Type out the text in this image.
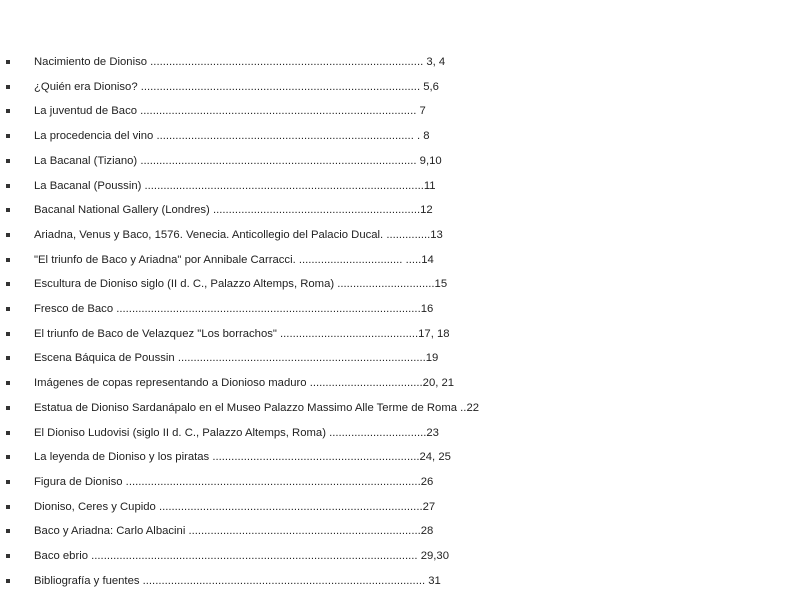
Nacimiento de Dioniso ....................................................................................... 3, 4
¿Quién era Dioniso? ......................................................................................... 5,6
La juventud de Baco ........................................................................................ 7
La procedencia del vino .................................................................................. . 8
La Bacanal (Tiziano) ........................................................................................ 9,10
La Bacanal (Poussin) .........................................................................................11
Bacanal National Gallery (Londres) ..................................................................12
Ariadna, Venus y Baco, 1576. Venecia. Anticollegio del Palacio Ducal. ..............13
"El triunfo de Baco y Ariadna" por Annibale Carracci. ................................. .....14
Escultura de Dioniso siglo (II d. C., Palazzo Altemps, Roma) ...............................15
Fresco de Baco .................................................................................................16
El triunfo de Baco de Velazquez "Los borrachos" ............................................17, 18
Escena Báquica de Poussin ...............................................................................19
Imágenes de copas representando a Dionioso maduro ....................................20, 21
Estatua de Dioniso Sardanápalo en el Museo Palazzo Massimo Alle Terme de Roma ..22
El Dioniso Ludovisi (siglo II d. C., Palazzo Altemps, Roma) ...............................23
La leyenda de Dioniso y los piratas ..................................................................24, 25
Figura de Dioniso ..............................................................................................26
Dioniso, Ceres y Cupido ....................................................................................27
Baco y Ariadna: Carlo Albacini ..........................................................................28
Baco ebrio ........................................................................................................ 29,30
Bibliografía y fuentes .......................................................................................... 31
